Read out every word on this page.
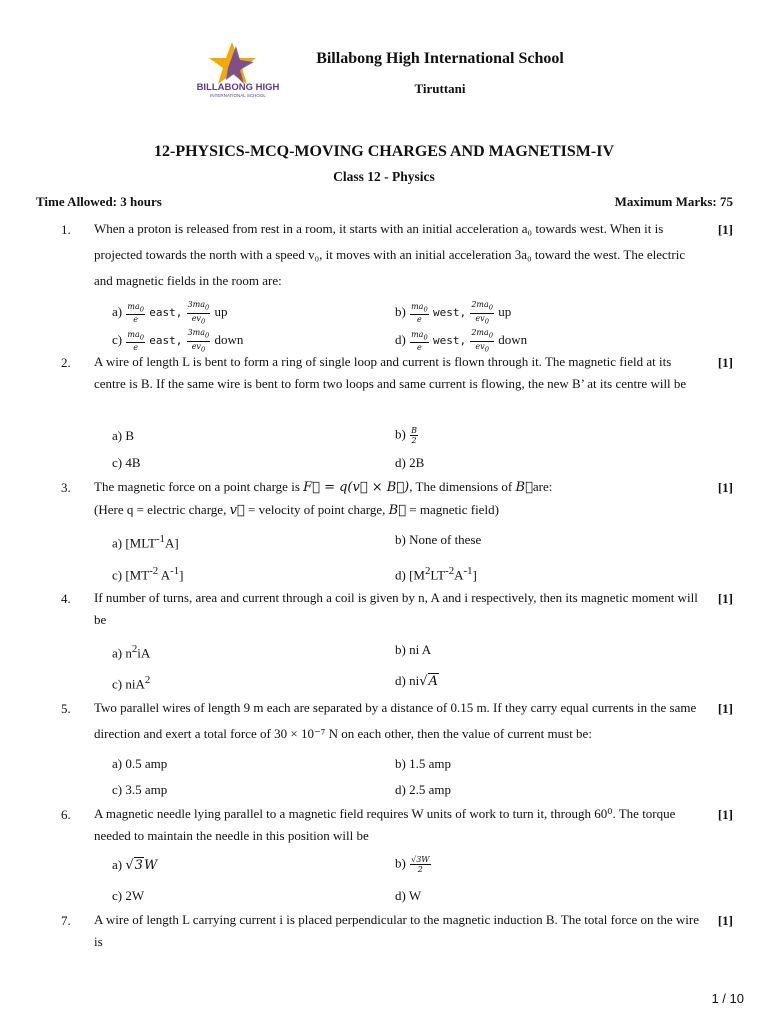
BILLABONG HIGH
INTERNATIONAL SCHOOL
Billabong High International School
Tiruttani
12-PHYSICS-MCQ-MOVING CHARGES AND MAGNETISM-IV
Class 12 - Physics
Time Allowed: 3 hours	Maximum Marks: 75
1. When a proton is released from rest in a room, it starts with an initial acceleration a₀ towards west. When it is projected towards the north with a speed v₀, it moves with an initial acceleration 3a₀ toward the west. The electric and magnetic fields in the room are:
[1]
$a) \frac{ma_0}{e}$ east, $\frac{3ma_0}{ev_0}$ up	$b) \frac{ma_0}{e}$ west, $\frac{2ma_0}{ev_0}$ up
$c) \frac{ma_0}{e}$ east, $\frac{3ma_0}{ev_0}$ down	$d) \frac{ma_0}{e}$ west, $\frac{2ma_0}{ev_0}$ down
2. A wire of length L is bent to form a ring of single loop and current is flown through it. The magnetic field at its centre is B. If the same wire is bent to form two loops and same current is flowing, the new B’ at its centre will be
[1]
a) B	$b) \frac{B}{2}$
c) 4B	d) 2B
3. The magnetic force on a point charge is F⃗ = q(v⃗ × B⃗), The dimensions of B⃗are:
(Here q = electric charge, v⃗ = velocity of point charge, B⃗ = magnetic field)
[1]
a) $[MLT^{-1}A]$	b) None of these
c) [$MT^{-2}$ $A^{-1}$]	d) $[M^2LT^{-2}A^{-1}]$
4. If number of turns, area and current through a coil is given by n, A and i respectively, then its magnetic moment will be
[1]
a) $n^2iA$	b) ni A
c) niA$^2$	d) ni√A
5. Two parallel wires of length 9 m each are separated by a distance of 0.15 m. If they carry equal currents in the same direction and exert a total force of 30 × 10⁻⁷ N on each other, then the value of current must be:
[1]
a) 0.5 amp	b) 1.5 amp
c) 3.5 amp	d) 2.5 amp
6. A magnetic needle lying parallel to a magnetic field requires W units of work to turn it, through 60⁰. The torque needed to maintain the needle in this position will be
[1]
a) √3W	$b) \frac{√3W}{2}$
c) 2W	d) W
7. A wire of length L carrying current i is placed perpendicular to the magnetic induction B. The total force on the wire is
[1]
1 / 10
